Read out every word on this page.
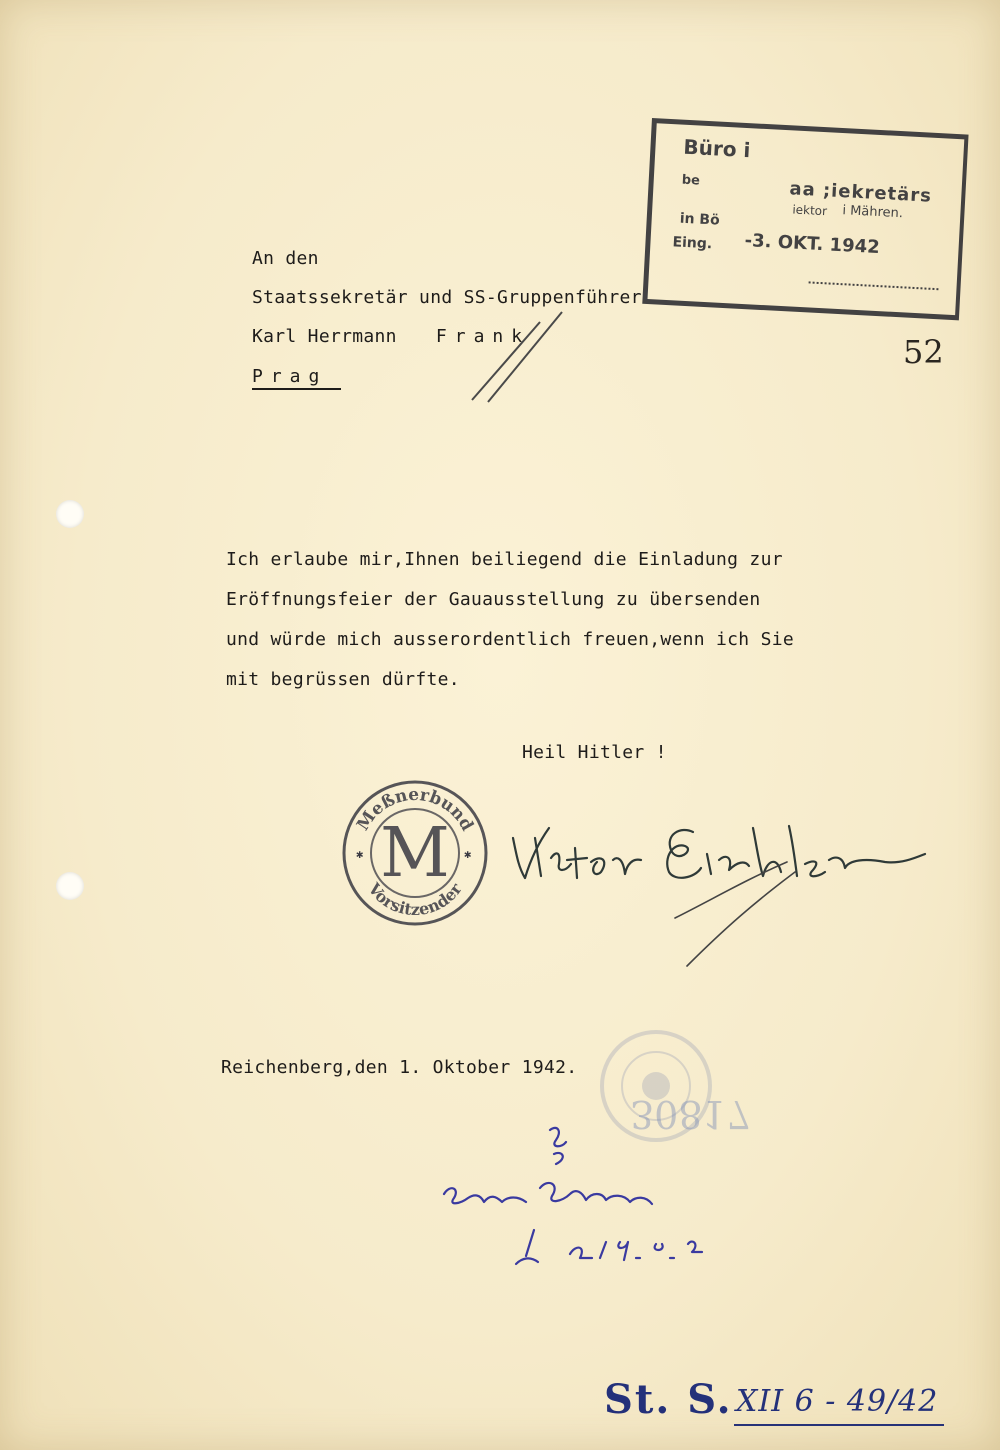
Büro i
be	aa ;iekretärs
iektor
in Bö
Eing.
i Mähren.
-3. OKT. 1942
52
An den
Staatssekretär und SS-Gruppenführer
Karl Herrmann Frank
Prag
Ich erlaube mir,Ihnen beiliegend die Einladung zur
Eröffnungsfeier der Gauausstellung zu übersenden
und würde mich ausserordentlich freuen,wenn ich Sie
mit begrüssen dürfte.
Heil Hitler !
Meßnerbund
Vorsitzender
M
✱	✱
Reichenberg,den 1. Oktober 1942.
30817
St. S. XII 6 - 49/42
